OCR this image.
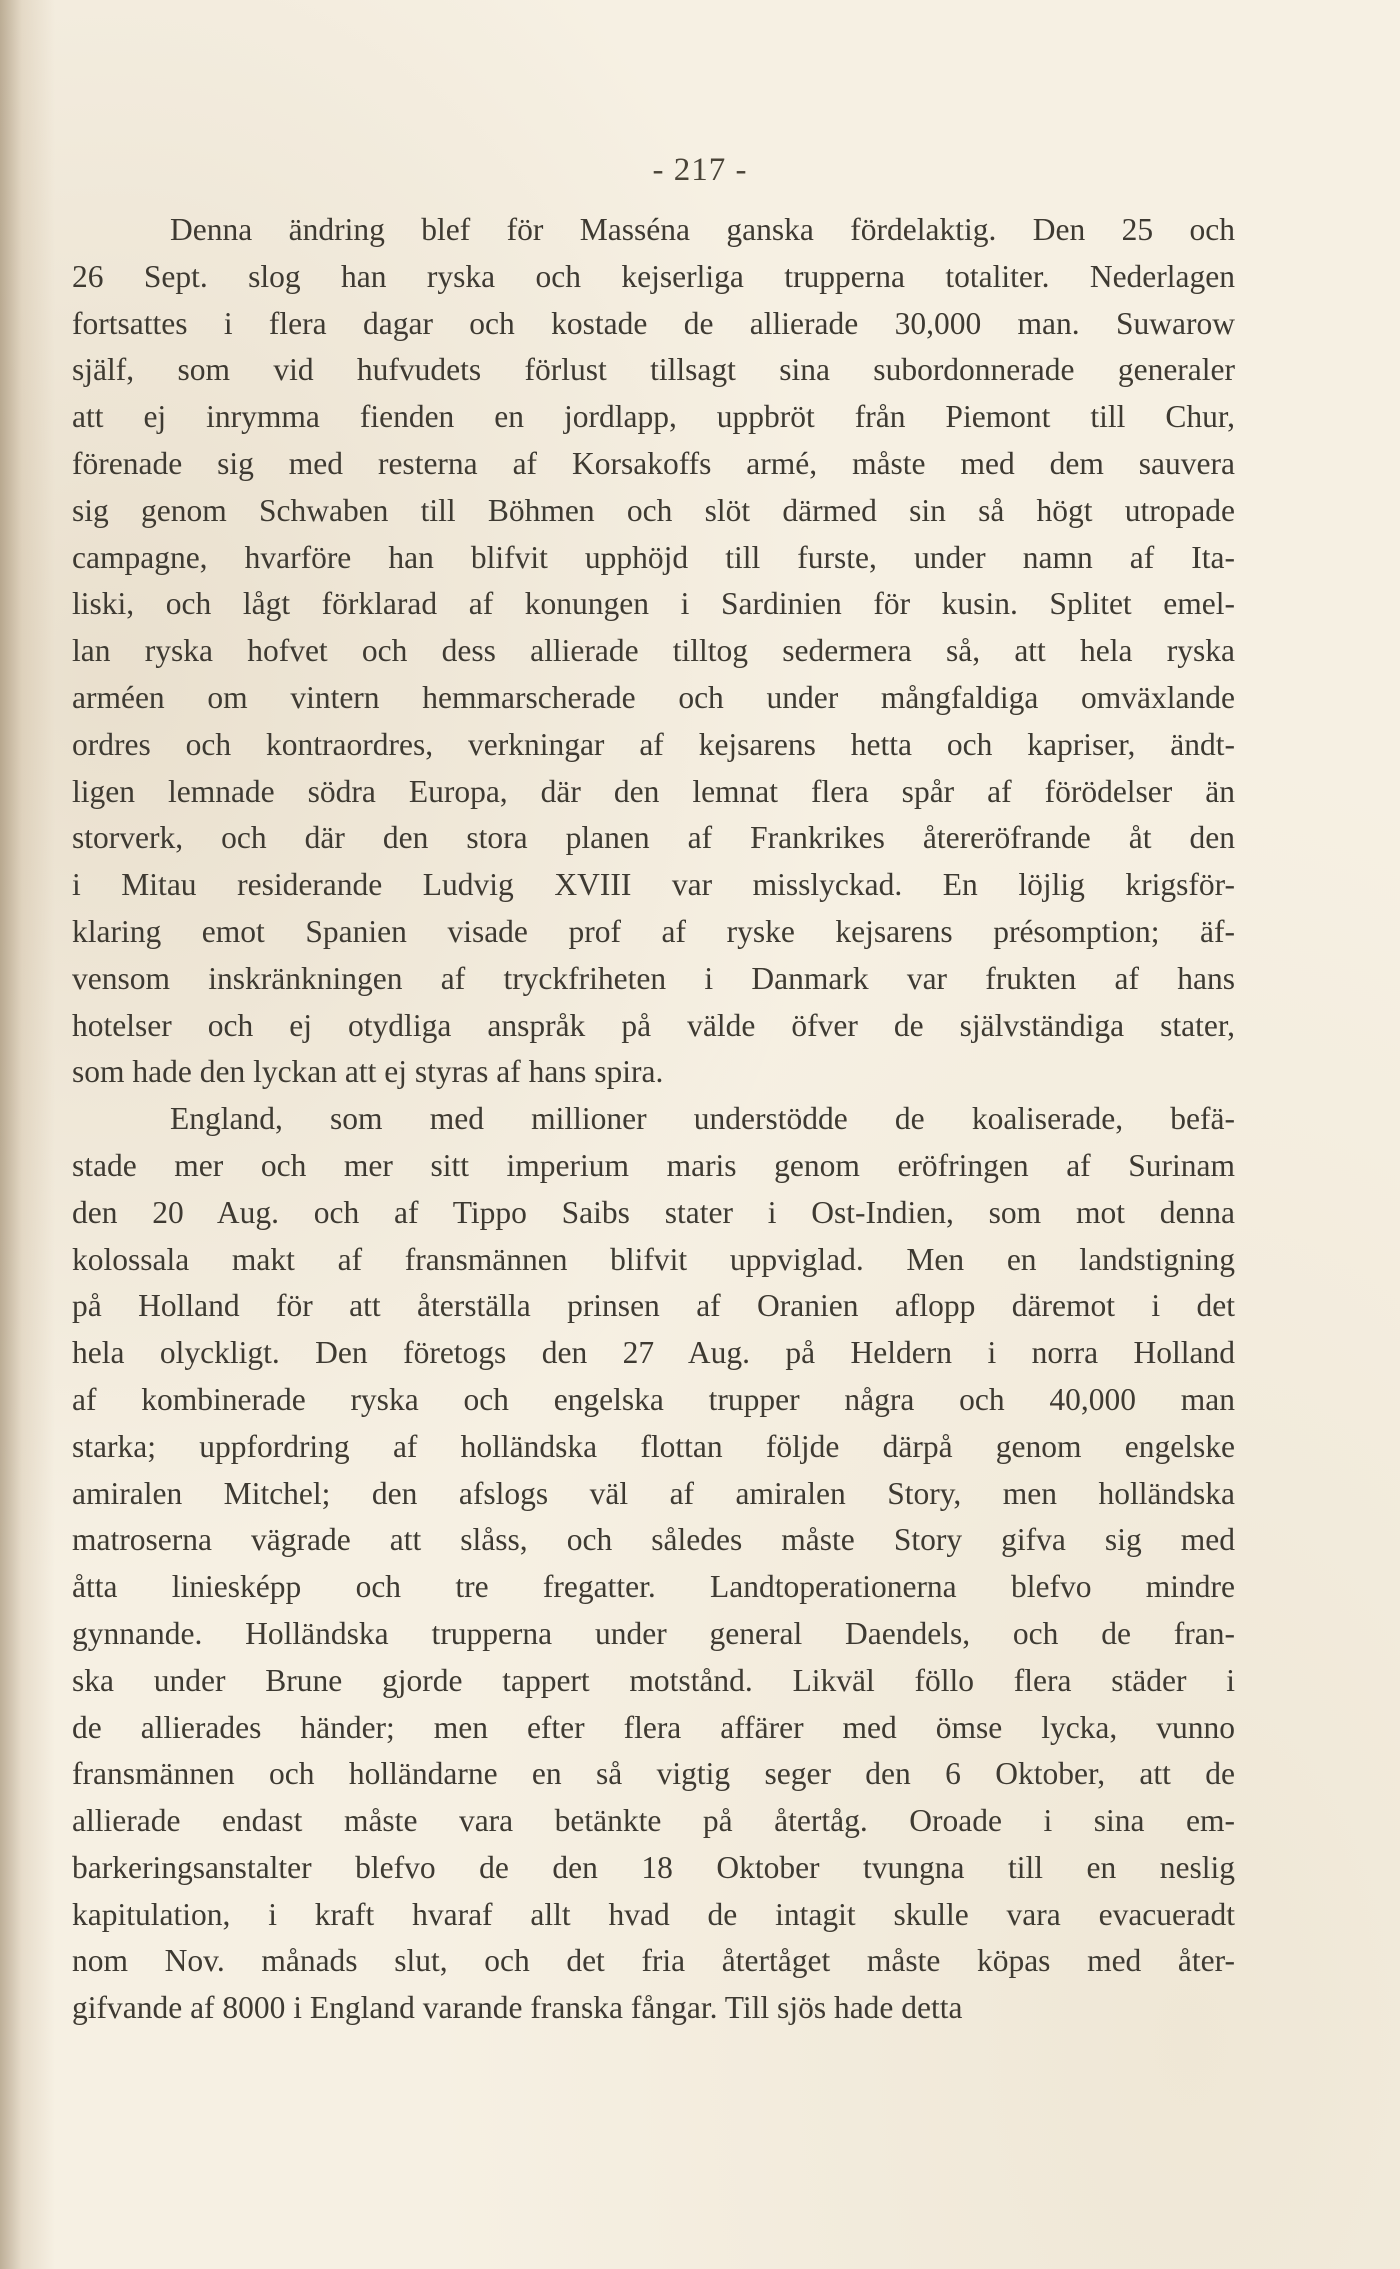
- 217 -
Denna ändring blef för Masséna ganska fördelaktig. Den 25 och
26 Sept. slog han ryska och kejserliga trupperna totaliter. Nederlagen
fortsattes i flera dagar och kostade de allierade 30,000 man. Suwarow
själf, som vid hufvudets förlust tillsagt sina subordonnerade generaler
att ej inrymma fienden en jordlapp, uppbröt från Piemont till Chur,
förenade sig med resterna af Korsakoffs armé, måste med dem sauvera
sig genom Schwaben till Böhmen och slöt därmed sin så högt utropade
campagne, hvarföre han blifvit upphöjd till furste, under namn af Ita-
liski, och lågt förklarad af konungen i Sardinien för kusin. Splitet emel-
lan ryska hofvet och dess allierade tilltog sedermera så, att hela ryska
arméen om vintern hemmarscherade och under mångfaldiga omväxlande
ordres och kontraordres, verkningar af kejsarens hetta och kapriser, ändt-
ligen lemnade södra Europa, där den lemnat flera spår af förödelser än
storverk, och där den stora planen af Frankrikes återeröfrande åt den
i Mitau residerande Ludvig XVIII var misslyckad. En löjlig krigsför-
klaring emot Spanien visade prof af ryske kejsarens présomption; äf-
vensom inskränkningen af tryckfriheten i Danmark var frukten af hans
hotelser och ej otydliga anspråk på välde öfver de självständiga stater,
som hade den lyckan att ej styras af hans spira.
England, som med millioner understödde de koaliserade, befä-
stade mer och mer sitt imperium maris genom eröfringen af Surinam
den 20 Aug. och af Tippo Saibs stater i Ost-Indien, som mot denna
kolossala makt af fransmännen blifvit uppviglad. Men en landstigning
på Holland för att återställa prinsen af Oranien aflopp däremot i det
hela olyckligt. Den företogs den 27 Aug. på Heldern i norra Holland
af kombinerade ryska och engelska trupper några och 40,000 man
starka; uppfordring af holländska flottan följde därpå genom engelske
amiralen Mitchel; den afslogs väl af amiralen Story, men holländska
matroserna vägrade att slåss, och således måste Story gifva sig med
åtta liniesképp och tre fregatter. Landtoperationerna blefvo mindre
gynnande. Holländska trupperna under general Daendels, och de fran-
ska under Brune gjorde tappert motstånd. Likväl föllo flera städer i
de allierades händer; men efter flera affärer med ömse lycka, vunno
fransmännen och holländarne en så vigtig seger den 6 Oktober, att de
allierade endast måste vara betänkte på återtåg. Oroade i sina em-
barkeringsanstalter blefvo de den 18 Oktober tvungna till en neslig
kapitulation, i kraft hvaraf allt hvad de intagit skulle vara evacueradt
nom Nov. månads slut, och det fria återtåget måste köpas med åter-
gifvande af 8000 i England varande franska fångar. Till sjös hade detta
